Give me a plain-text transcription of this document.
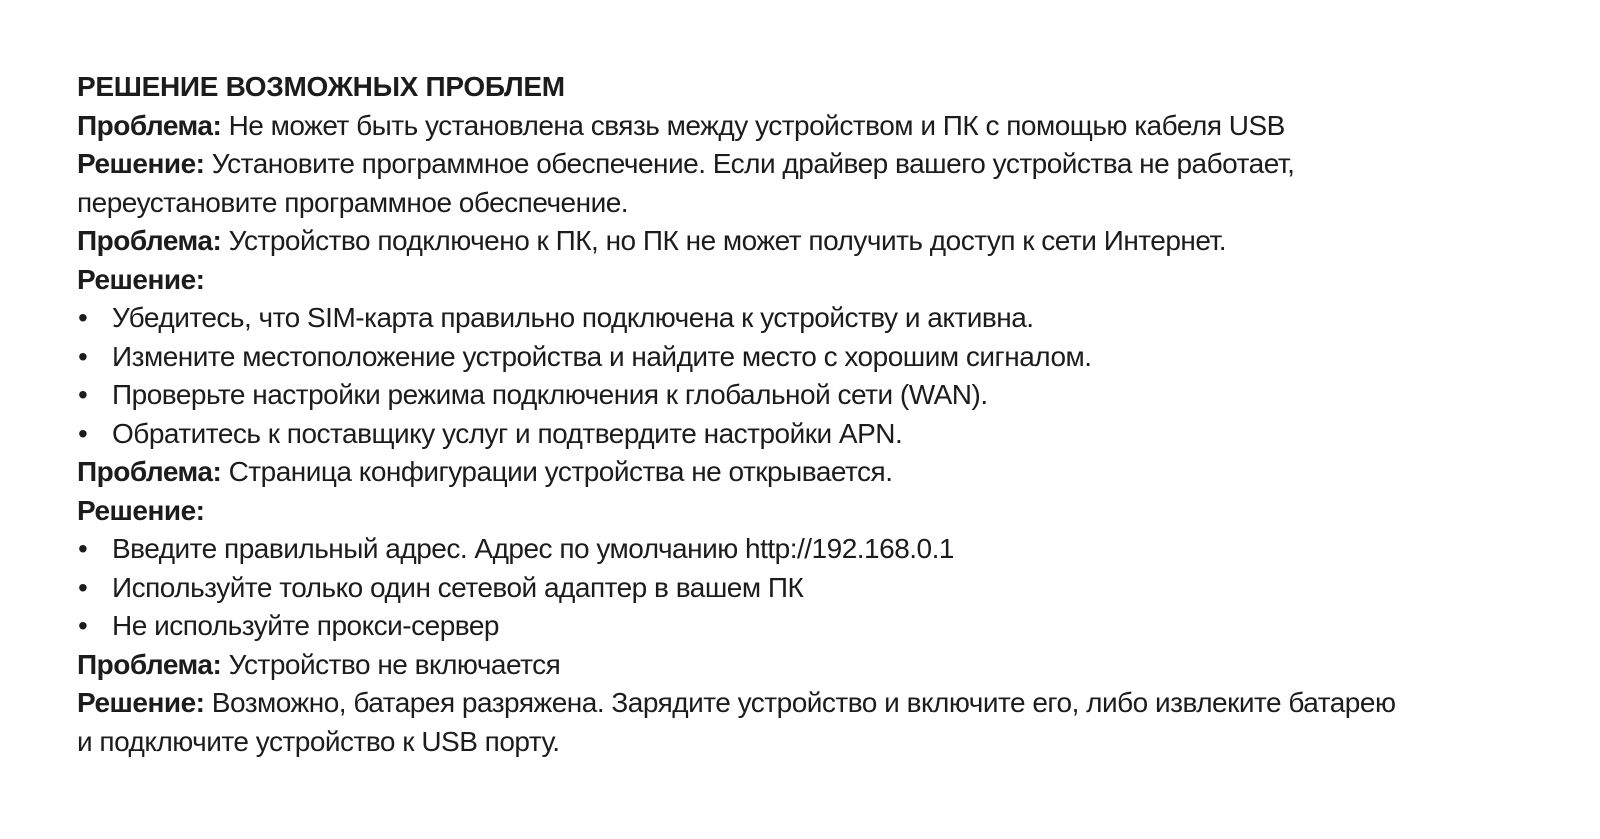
РЕШЕНИЕ ВОЗМОЖНЫХ ПРОБЛЕМ

Проблема: Не может быть установлена связь между устройством и ПК с помощью кабеля USB

Решение: Установите программное обеспечение. Если драйвер вашего устройства не работает,

переустановите программное обеспечение.

Проблема: Устройство подключено к ПК, но ПК не может получить доступ к сети Интернет.

Решение:

• Убедитесь, что SIM-карта правильно подключена к устройству и активна.
• Измените местоположение устройства и найдите место с хорошим сигналом.
• Проверьте настройки режима подключения к глобальной сети (WAN).
• Обратитесь к поставщику услуг и подтвердите настройки APN.

Проблема: Страница конфигурации устройства не открывается.

Решение:

• Введите правильный адрес. Адрес по умолчанию http://192.168.0.1
• Используйте только один сетевой адаптер в вашем ПК
• Не используйте прокси-сервер

Проблема: Устройство не включается

Решение: Возможно, батарея разряжена. Зарядите устройство и включите его, либо извлеките батарею

и подключите устройство к USB порту.
